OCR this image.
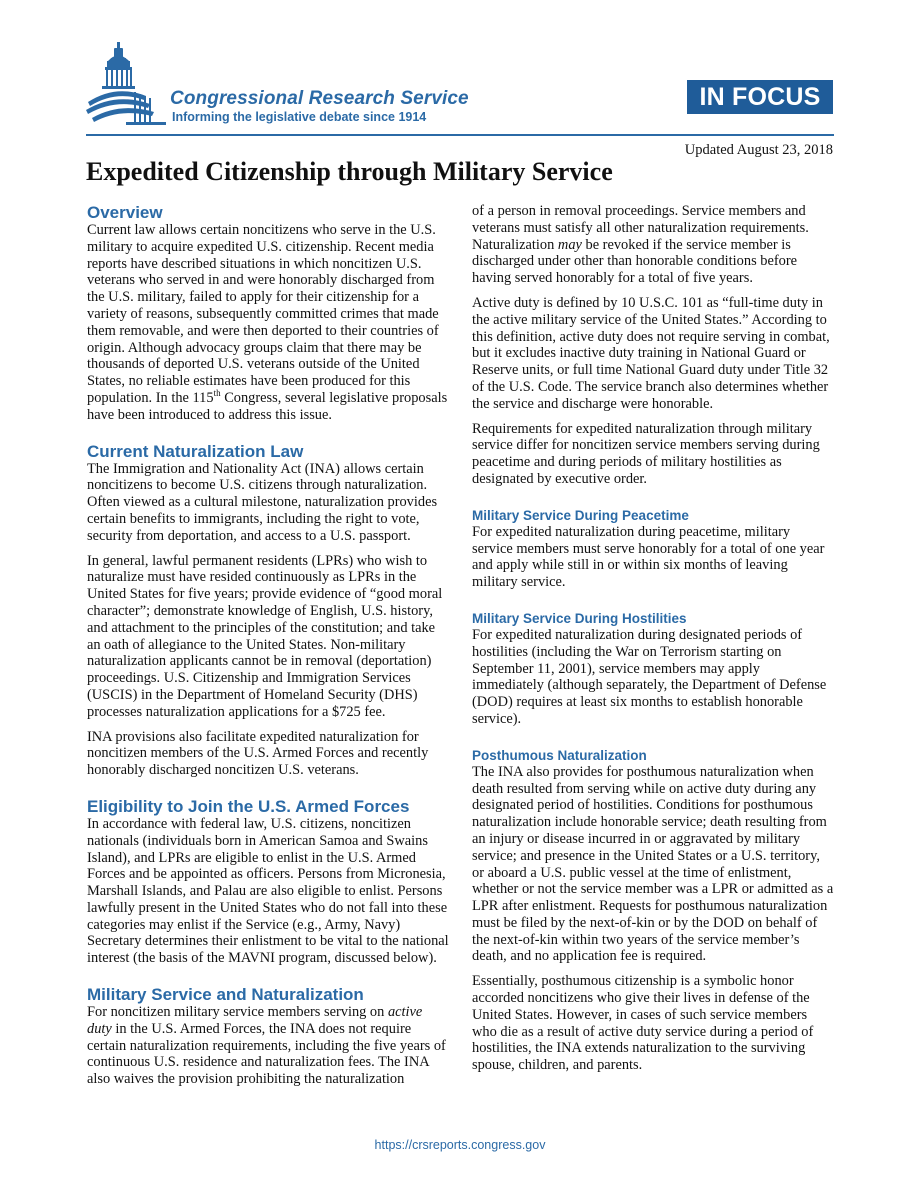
Congressional Research Service
Informing the legislative debate since 1914
IN FOCUS
Updated August 23, 2018
Expedited Citizenship through Military Service
Overview

Current law allows certain noncitizens who serve in the U.S. military to acquire expedited U.S. citizenship. Recent media reports have described situations in which noncitizen U.S. veterans who served in and were honorably discharged from the U.S. military, failed to apply for their citizenship for a variety of reasons, subsequently committed crimes that made them removable, and were then deported to their countries of origin. Although advocacy groups claim that there may be thousands of deported U.S. veterans outside of the United States, no reliable estimates have been produced for this population. In the 115th Congress, several legislative proposals have been introduced to address this issue.

Current Naturalization Law

The Immigration and Nationality Act (INA) allows certain noncitizens to become U.S. citizens through naturalization. Often viewed as a cultural milestone, naturalization provides certain benefits to immigrants, including the right to vote, security from deportation, and access to a U.S. passport.

In general, lawful permanent residents (LPRs) who wish to naturalize must have resided continuously as LPRs in the United States for five years; provide evidence of “good moral character”; demonstrate knowledge of English, U.S. history, and attachment to the principles of the constitution; and take an oath of allegiance to the United States. Non-military naturalization applicants cannot be in removal (deportation) proceedings. U.S. Citizenship and Immigration Services (USCIS) in the Department of Homeland Security (DHS) processes naturalization applications for a $725 fee.

INA provisions also facilitate expedited naturalization for noncitizen members of the U.S. Armed Forces and recently honorably discharged noncitizen U.S. veterans.

Eligibility to Join the U.S. Armed Forces

In accordance with federal law, U.S. citizens, noncitizen nationals (individuals born in American Samoa and Swains Island), and LPRs are eligible to enlist in the U.S. Armed Forces and be appointed as officers. Persons from Micronesia, Marshall Islands, and Palau are also eligible to enlist. Persons lawfully present in the United States who do not fall into these categories may enlist if the Service (e.g., Army, Navy) Secretary determines their enlistment to be vital to the national interest (the basis of the MAVNI program, discussed below).

Military Service and Naturalization

For noncitizen military service members serving on active duty in the U.S. Armed Forces, the INA does not require certain naturalization requirements, including the five years of continuous U.S. residence and naturalization fees. The INA also waives the provision prohibiting the naturalization

of a person in removal proceedings. Service members and veterans must satisfy all other naturalization requirements. Naturalization may be revoked if the service member is discharged under other than honorable conditions before having served honorably for a total of five years.

Active duty is defined by 10 U.S.C. 101 as “full-time duty in the active military service of the United States.” According to this definition, active duty does not require serving in combat, but it excludes inactive duty training in National Guard or Reserve units, or full time National Guard duty under Title 32 of the U.S. Code. The service branch also determines whether the service and discharge were honorable.

Requirements for expedited naturalization through military service differ for noncitizen service members serving during peacetime and during periods of military hostilities as designated by executive order.

Military Service During Peacetime

For expedited naturalization during peacetime, military service members must serve honorably for a total of one year and apply while still in or within six months of leaving military service.

Military Service During Hostilities

For expedited naturalization during designated periods of hostilities (including the War on Terrorism starting on September 11, 2001), service members may apply immediately (although separately, the Department of Defense (DOD) requires at least six months to establish honorable service).

Posthumous Naturalization

The INA also provides for posthumous naturalization when death resulted from serving while on active duty during any designated period of hostilities. Conditions for posthumous naturalization include honorable service; death resulting from an injury or disease incurred in or aggravated by military service; and presence in the United States or a U.S. territory, or aboard a U.S. public vessel at the time of enlistment, whether or not the service member was a LPR or admitted as a LPR after enlistment. Requests for posthumous naturalization must be filed by the next-of-kin or by the DOD on behalf of the next-of-kin within two years of the service member’s death, and no application fee is required.

Essentially, posthumous citizenship is a symbolic honor accorded noncitizens who give their lives in defense of the United States. However, in cases of such service members who die as a result of active duty service during a period of hostilities, the INA extends naturalization to the surviving spouse, children, and parents.

https://crsreports.congress.gov
